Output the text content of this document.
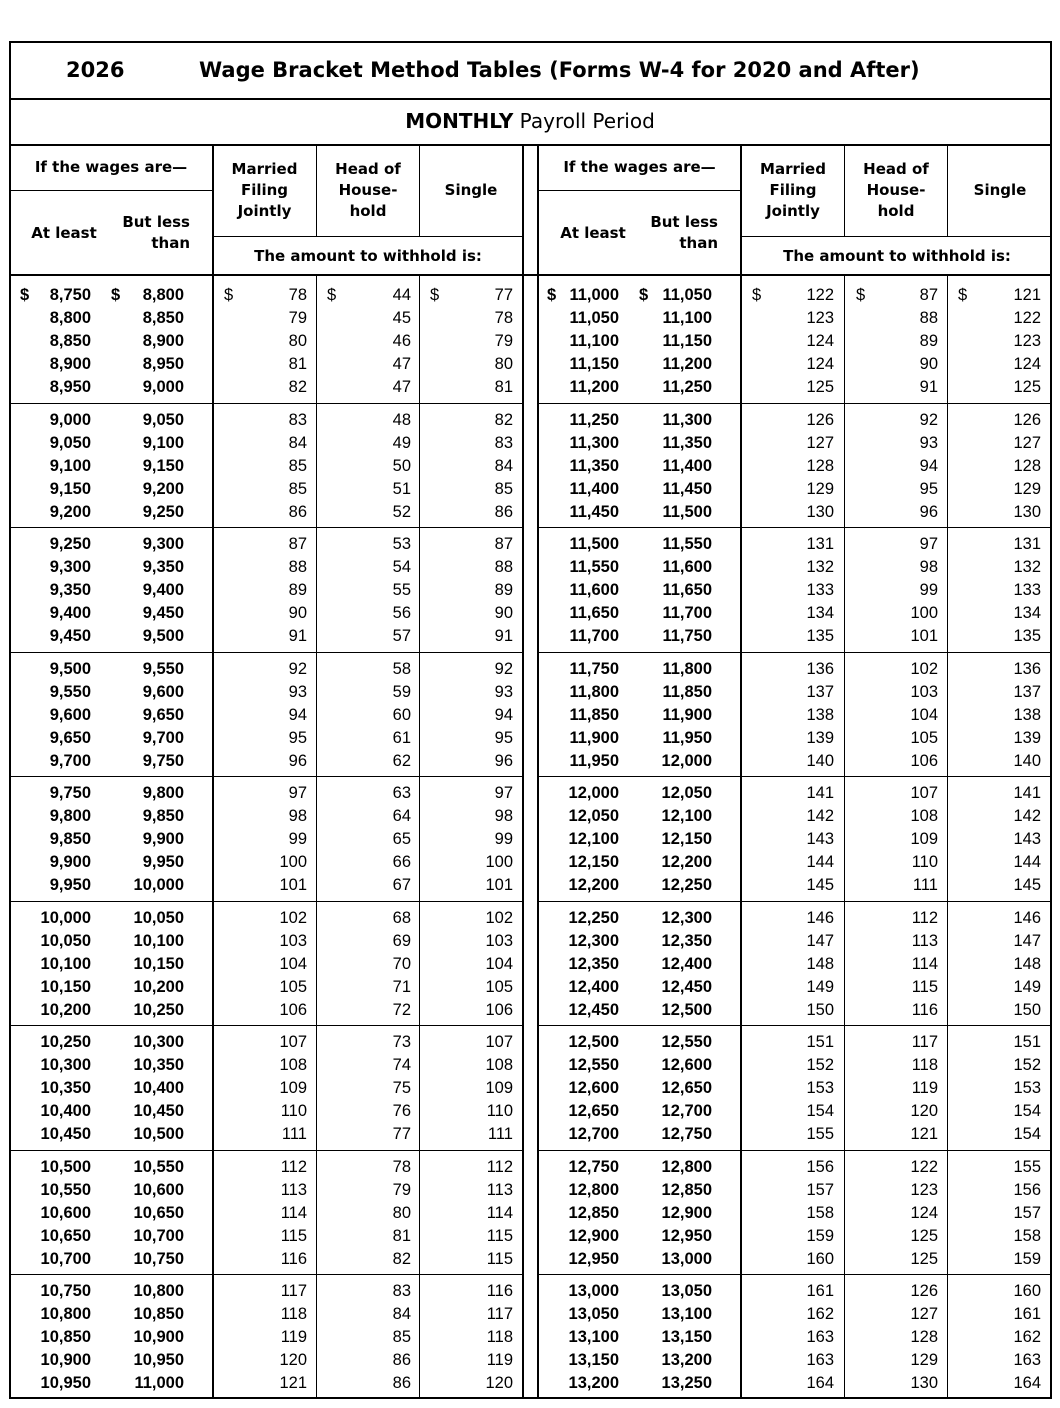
2026	Wage Bracket Method Tables (Forms W-4 for 2020 and After)
MONTHLY Payroll Period
If the wages are—
At least
But less
than
Married
Filing
Jointly
Head of
House-
hold
Single
The amount to withhold is:
If the wages are—
At least
But less
than
Married
Filing
Jointly
Head of
House-
hold
Single
The amount to withhold is:
8,750	8,800	78	44	77
$	$	$	$	$
8,800	8,850	79	45	78
8,850	8,900	80	46	79
8,900	8,950	81	47	80
8,950	9,000	82	47	81
9,000	9,050	83	48	82
9,050	9,100	84	49	83
9,100	9,150	85	50	84
9,150	9,200	85	51	85
9,200	9,250	86	52	86
9,250	9,300	87	53	87
9,300	9,350	88	54	88
9,350	9,400	89	55	89
9,400	9,450	90	56	90
9,450	9,500	91	57	91
9,500	9,550	92	58	92
9,550	9,600	93	59	93
9,600	9,650	94	60	94
9,650	9,700	95	61	95
9,700	9,750	96	62	96
9,750	9,800	97	63	97
9,800	9,850	98	64	98
9,850	9,900	99	65	99
9,900	9,950	100	66	100
9,950	10,000	101	67	101
10,000	10,050	102	68	102
10,050	10,100	103	69	103
10,100	10,150	104	70	104
10,150	10,200	105	71	105
10,200	10,250	106	72	106
10,250	10,300	107	73	107
10,300	10,350	108	74	108
10,350	10,400	109	75	109
10,400	10,450	110	76	110
10,450	10,500	111	77	111
10,500	10,550	112	78	112
10,550	10,600	113	79	113
10,600	10,650	114	80	114
10,650	10,700	115	81	115
10,700	10,750	116	82	115
10,750	10,800	117	83	116
10,800	10,850	118	84	117
10,850	10,900	119	85	118
10,900	10,950	120	86	119
10,950	11,000	121	86	120
11,000	11,050	122	87	121
$	$	$	$	$
11,050	11,100	123	88	122
11,100	11,150	124	89	123
11,150	11,200	124	90	124
11,200	11,250	125	91	125
11,250	11,300	126	92	126
11,300	11,350	127	93	127
11,350	11,400	128	94	128
11,400	11,450	129	95	129
11,450	11,500	130	96	130
11,500	11,550	131	97	131
11,550	11,600	132	98	132
11,600	11,650	133	99	133
11,650	11,700	134	100	134
11,700	11,750	135	101	135
11,750	11,800	136	102	136
11,800	11,850	137	103	137
11,850	11,900	138	104	138
11,900	11,950	139	105	139
11,950	12,000	140	106	140
12,000	12,050	141	107	141
12,050	12,100	142	108	142
12,100	12,150	143	109	143
12,150	12,200	144	110	144
12,200	12,250	145	111	145
12,250	12,300	146	112	146
12,300	12,350	147	113	147
12,350	12,400	148	114	148
12,400	12,450	149	115	149
12,450	12,500	150	116	150
12,500	12,550	151	117	151
12,550	12,600	152	118	152
12,600	12,650	153	119	153
12,650	12,700	154	120	154
12,700	12,750	155	121	154
12,750	12,800	156	122	155
12,800	12,850	157	123	156
12,850	12,900	158	124	157
12,900	12,950	159	125	158
12,950	13,000	160	125	159
13,000	13,050	161	126	160
13,050	13,100	162	127	161
13,100	13,150	163	128	162
13,150	13,200	163	129	163
13,200	13,250	164	130	164
